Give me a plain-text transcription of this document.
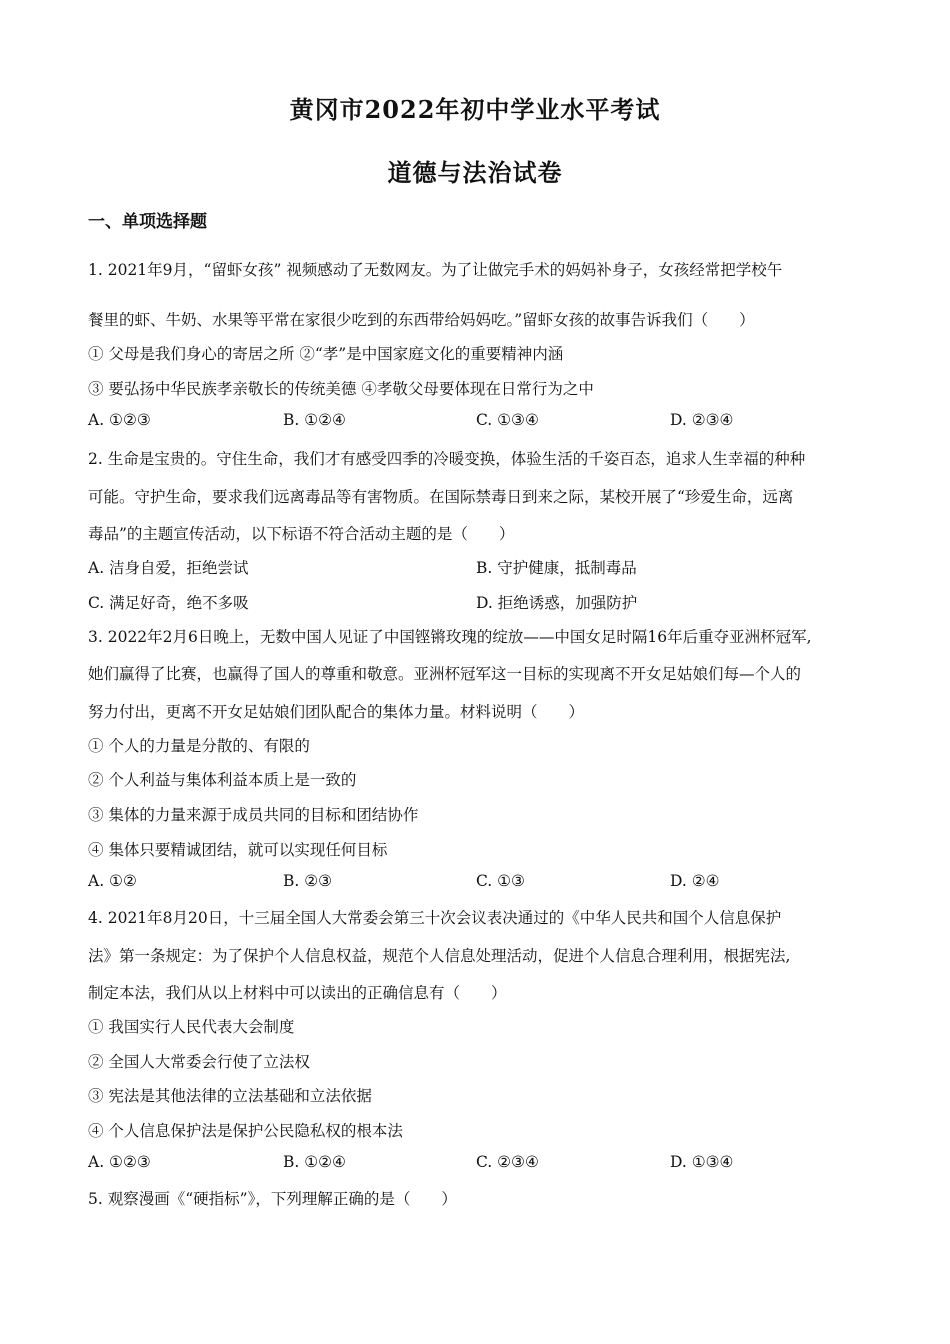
黄冈市2022年初中学业水平考试
道德与法治试卷
一、单项选择题

1. 2021年9月，“留虾女孩” 视频感动了无数网友。为了让做完手术的妈妈补身子，女孩经常把学校午

餐里的虾、牛奶、水果等平常在家很少吃到的东西带给妈妈吃。”留虾女孩的故事告诉我们（　　）

① 父母是我们身心的寄居之所 ②“孝”是中国家庭文化的重要精神内涵

③ 要弘扬中华民族孝亲敬长的传统美德 ④孝敬父母要体现在日常行为之中

A. ①②③	B. ①②④	C. ①③④	D. ②③④

2. 生命是宝贵的。守住生命，我们才有感受四季的冷暖变换，体验生活的千姿百态，追求人生幸福的种种

可能。守护生命，要求我们远离毒品等有害物质。在国际禁毒日到来之际，某校开展了“珍爱生命，远离

毒品”的主题宣传活动，以下标语不符合活动主题的是（　　）

A. 洁身自爱，拒绝尝试	B. 守护健康，抵制毒品
C. 满足好奇，绝不多吸	D. 拒绝诱惑，加强防护

3. 2022年2月6日晚上，无数中国人见证了中国铿锵玫瑰的绽放——中国女足时隔16年后重夺亚洲杯冠军,

她们赢得了比赛，也赢得了国人的尊重和敬意。亚洲杯冠军这一目标的实现离不开女足姑娘们每—个人的

努力付出，更离不开女足姑娘们团队配合的集体力量。材料说明（　　）

① 个人的力量是分散的、有限的

② 个人利益与集体利益本质上是一致的

③ 集体的力量来源于成员共同的目标和团结协作

④ 集体只要精诚团结，就可以实现任何目标

A. ①②	B. ②③	C. ①③	D. ②④

4. 2021年8月20日，十三届全国人大常委会第三十次会议表决通过的《中华人民共和国个人信息保护

法》第一条规定：为了保护个人信息权益，规范个人信息处理活动，促进个人信息合理利用，根据宪法,

制定本法，我们从以上材料中可以读出的正确信息有（　　）

① 我国实行人民代表大会制度

② 全国人大常委会行使了立法权

③ 宪法是其他法律的立法基础和立法依据

④ 个人信息保护法是保护公民隐私权的根本法

A. ①②③	B. ①②④	C. ②③④	D. ①③④

5. 观察漫画《“硬指标”》，下列理解正确的是（　　）
